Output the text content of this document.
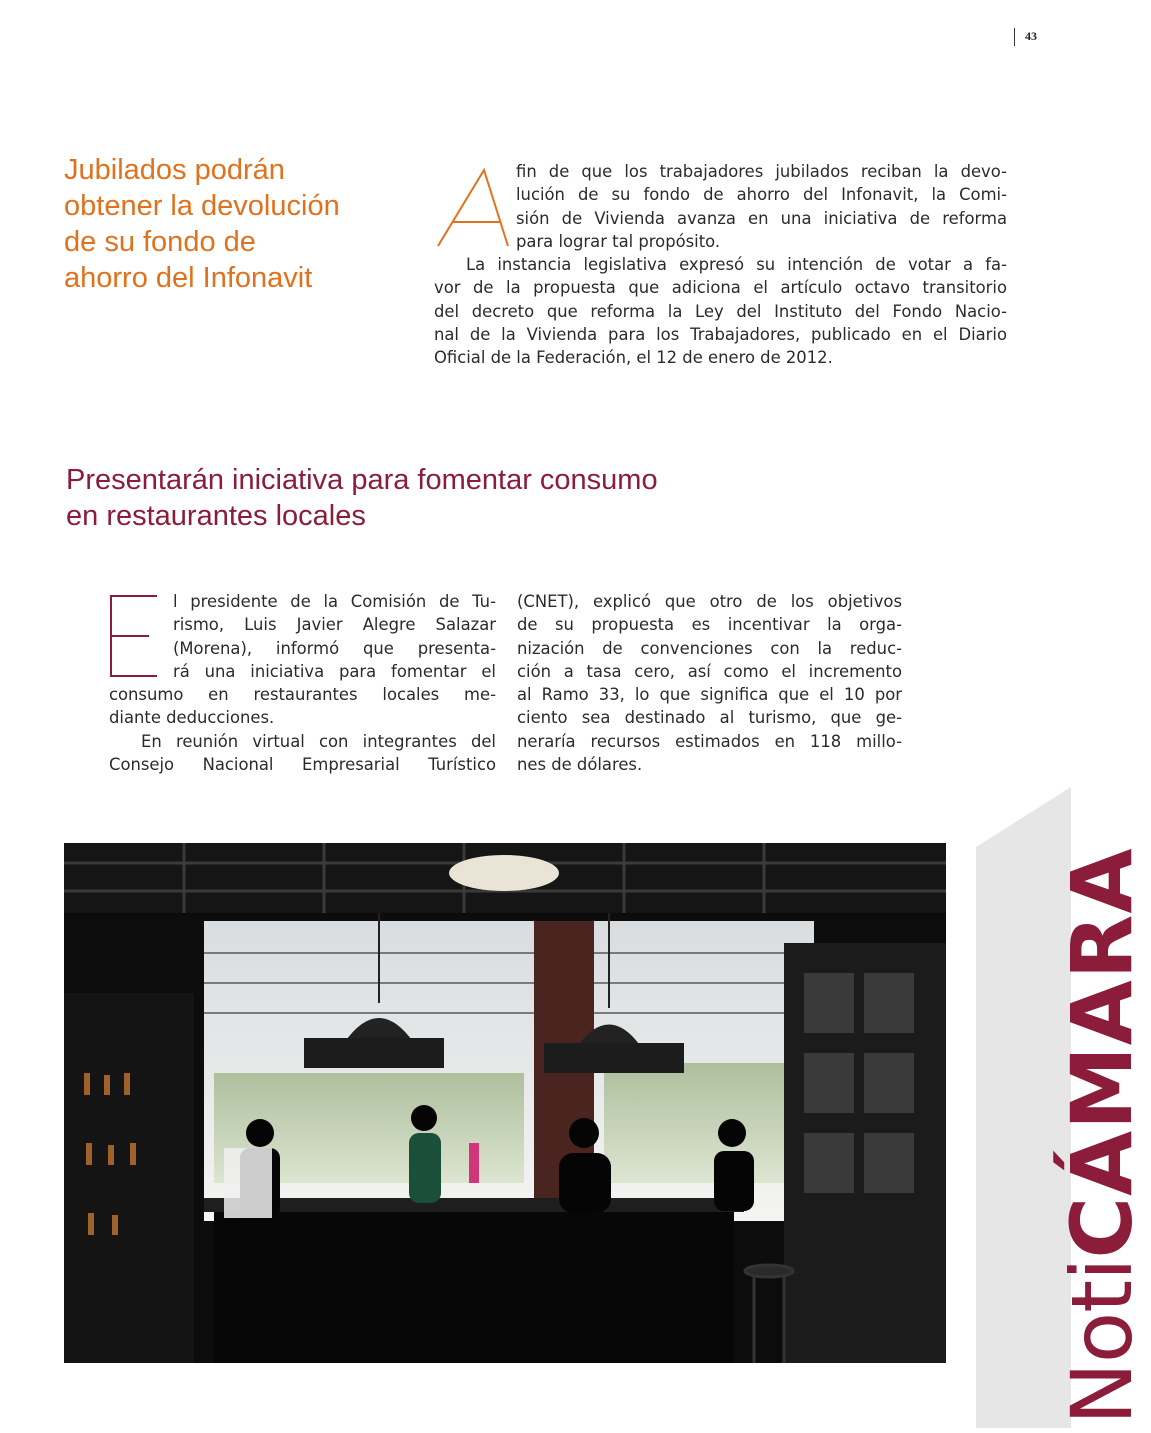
43
Jubilados podrán
obtener la devolución
de su fondo de
ahorro del Infonavit
fin de que los trabajadores jubilados reciban la devo-
lución de su fondo de ahorro del Infonavit, la Comi-
sión de Vivienda avanza en una iniciativa de reforma
para lograr tal propósito.
La instancia legislativa expresó su intención de votar a fa-
vor de la propuesta que adiciona el artículo octavo transitorio
del decreto que reforma la Ley del Instituto del Fondo Nacio-
nal de la Vivienda para los Trabajadores, publicado en el Diario
Oficial de la Federación, el 12 de enero de 2012.
Presentarán iniciativa para fomentar consumo
en restaurantes locales
l presidente de la Comisión de Tu-
rismo, Luis Javier Alegre Salazar
(Morena), informó que presenta-
rá una iniciativa para fomentar el
consumo en restaurantes locales me-
diante deducciones.
En reunión virtual con integrantes del
Consejo Nacional Empresarial Turístico
(CNET), explicó que otro de los objetivos
de su propuesta es incentivar la orga-
nización de convenciones con la reduc-
ción a tasa cero, así como el incremento
al Ramo 33, lo que significa que el 10 por
ciento sea destinado al turismo, que ge-
neraría recursos estimados en 118 millo-
nes de dólares.
NotiCÁMARA
